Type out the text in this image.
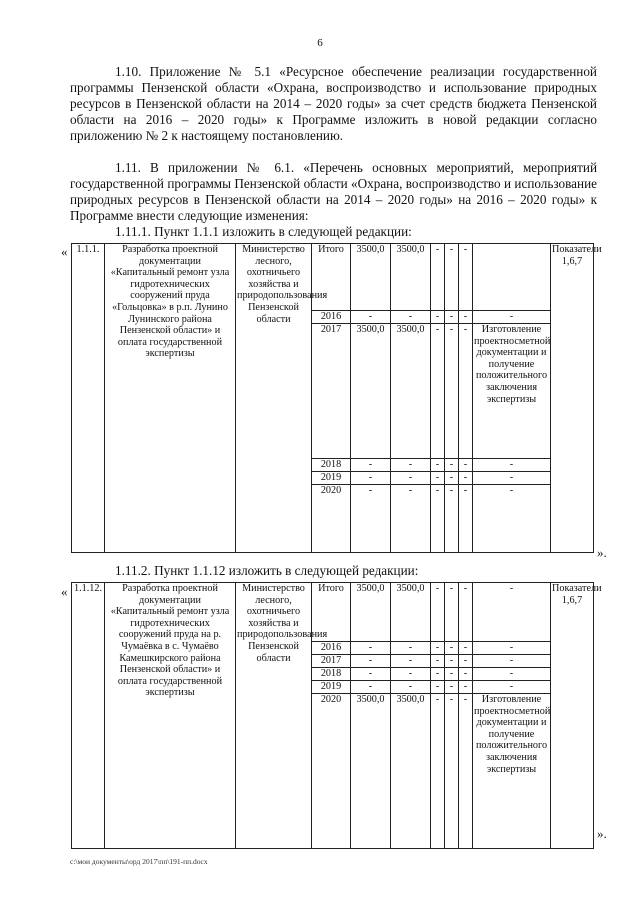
6
1.10. Приложение № 5.1 «Ресурсное обеспечение реализации государственной программы Пензенской области «Охрана, воспроизводство и использование природных ресурсов в Пензенской области на 2014 – 2020 годы» за счет средств бюджета Пензенской области на 2016 – 2020 годы» к Программе изложить в новой редакции согласно приложению № 2 к настоящему постановлению.
1.11. В приложении № 6.1. «Перечень основных мероприятий, мероприятий государственной программы Пензенской области «Охрана, воспроизводство и использование природных ресурсов в Пензенской области на 2014 – 2020 годы» на 2016 – 2020 годы» к Программе внести следующие изменения:
1.11.1. Пункт 1.1.1 изложить в следующей редакции:
« 1.1.1.	Разработка проектной документации «Капитальный ремонт узла гидротехнических сооружений пруда «Гольцовка» в р.п. Лунино Лунинского района Пензенской области» и оплата государственной экспертизы	Министерство лесного, охотничьего хозяйства и природопользования Пензенской области	Итого	3500,0	3500,0	-	-	-		Показатели 1,6,7
			2016	-	-	-	-	-	-	
			2017	3500,0	3500,0	-	-	-	Изготовление проектносметной документации и получение положительного заключения экспертизы	
			2018	-	-	-	-	-	-	
			2019	-	-	-	-	-	-	
			2020	-	-	-	-	-	-	
».
1.11.2. Пункт 1.1.12 изложить в следующей редакции:
« 1.1.12.	Разработка проектной документации «Капитальный ремонт узла гидротехнических сооружений пруда на р. Чумаёвка в с. Чумаёво Камешкирского района Пензенской области» и оплата государственной экспертизы	Министерство лесного, охотничьего хозяйства и природопользования Пензенской области	Итого	3500,0	3500,0	-	-	-	-	Показатели 1,6,7
			2016	-	-	-	-	-	-	
			2017	-	-	-	-	-	-	
			2018	-	-	-	-	-	-	
			2019	-	-	-	-	-	-	
			2020	3500,0	3500,0	-	-	-	Изготовление проектносметной документации и получение положительного заключения экспертизы	
».
c:\мои документы\орд 2017\пп\191-пп.docx
